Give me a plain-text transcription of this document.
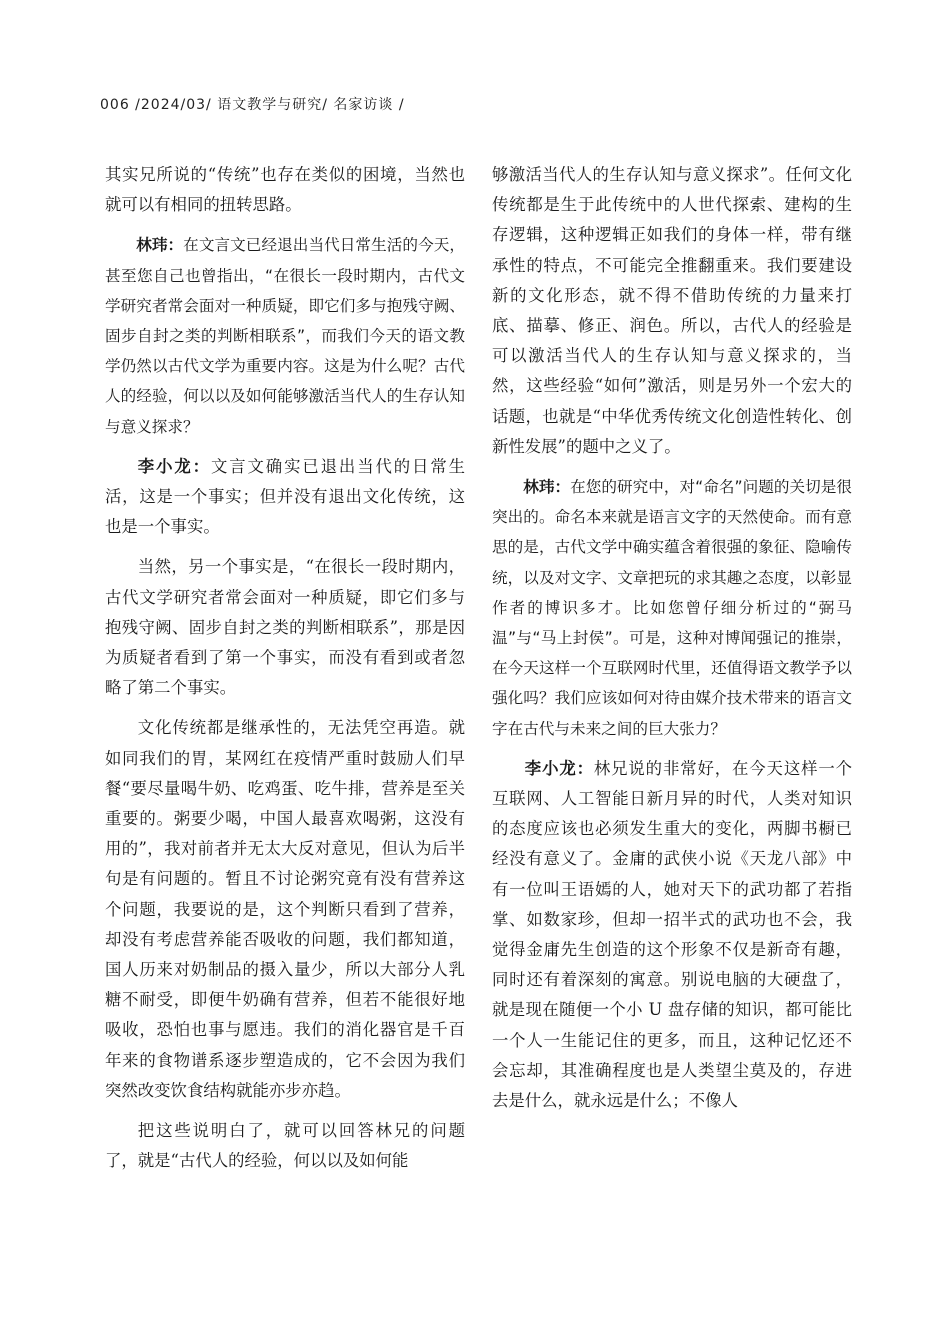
006 /2024/03/ 语文教学与研究/ 名家访谈 /

其实兄所说的“传统”也存在类似的困境，当然也就可以有相同的扭转思路。

林玮：在文言文已经退出当代日常生活的今天，甚至您自己也曾指出，“在很长一段时期内，古代文学研究者常会面对一种质疑，即它们多与抱残守阙、固步自封之类的判断相联系”，而我们今天的语文教学仍然以古代文学为重要内容。这是为什么呢？古代人的经验，何以以及如何能够激活当代人的生存认知与意义探求？

李小龙：文言文确实已退出当代的日常生活，这是一个事实；但并没有退出文化传统，这也是一个事实。

当然，另一个事实是，“在很长一段时期内，古代文学研究者常会面对一种质疑，即它们多与抱残守阙、固步自封之类的判断相联系”，那是因为质疑者看到了第一个事实，而没有看到或者忽略了第二个事实。

文化传统都是继承性的，无法凭空再造。就如同我们的胃，某网红在疫情严重时鼓励人们早餐“要尽量喝牛奶、吃鸡蛋、吃牛排，营养是至关重要的。粥要少喝，中国人最喜欢喝粥，这没有用的”，我对前者并无太大反对意见，但认为后半句是有问题的。暂且不讨论粥究竟有没有营养这个问题，我要说的是，这个判断只看到了营养，却没有考虑营养能否吸收的问题，我们都知道，国人历来对奶制品的摄入量少，所以大部分人乳糖不耐受，即便牛奶确有营养，但若不能很好地吸收，恐怕也事与愿违。我们的消化器官是千百年来的食物谱系逐步塑造成的，它不会因为我们突然改变饮食结构就能亦步亦趋。

把这些说明白了，就可以回答林兄的问题了，就是“古代人的经验，何以以及如何能

够激活当代人的生存认知与意义探求”。任何文化传统都是生于此传统中的人世代探索、建构的生存逻辑，这种逻辑正如我们的身体一样，带有继承性的特点，不可能完全推翻重来。我们要建设新的文化形态，就不得不借助传统的力量来打底、描摹、修正、润色。所以，古代人的经验是可以激活当代人的生存认知与意义探求的，当然，这些经验“如何”激活，则是另外一个宏大的话题，也就是“中华优秀传统文化创造性转化、创新性发展”的题中之义了。

林玮：在您的研究中，对“命名”问题的关切是很突出的。命名本来就是语言文字的天然使命。而有意思的是，古代文学中确实蕴含着很强的象征、隐喻传统，以及对文字、文章把玩的求其趣之态度，以彰显作者的博识多才。比如您曾仔细分析过的“弼马温”与“马上封侯”。可是，这种对博闻强记的推崇，在今天这样一个互联网时代里，还值得语文教学予以强化吗？我们应该如何对待由媒介技术带来的语言文字在古代与未来之间的巨大张力？

李小龙：林兄说的非常好，在今天这样一个互联网、人工智能日新月异的时代，人类对知识的态度应该也必须发生重大的变化，两脚书橱已经没有意义了。金庸的武侠小说《天龙八部》中有一位叫王语嫣的人，她对天下的武功都了若指掌、如数家珍，但却一招半式的武功也不会，我觉得金庸先生创造的这个形象不仅是新奇有趣，同时还有着深刻的寓意。别说电脑的大硬盘了，就是现在随便一个小 U 盘存储的知识，都可能比一个人一生能记住的更多，而且，这种记忆还不会忘却，其准确程度也是人类望尘莫及的，存进去是什么，就永远是什么；不像人
